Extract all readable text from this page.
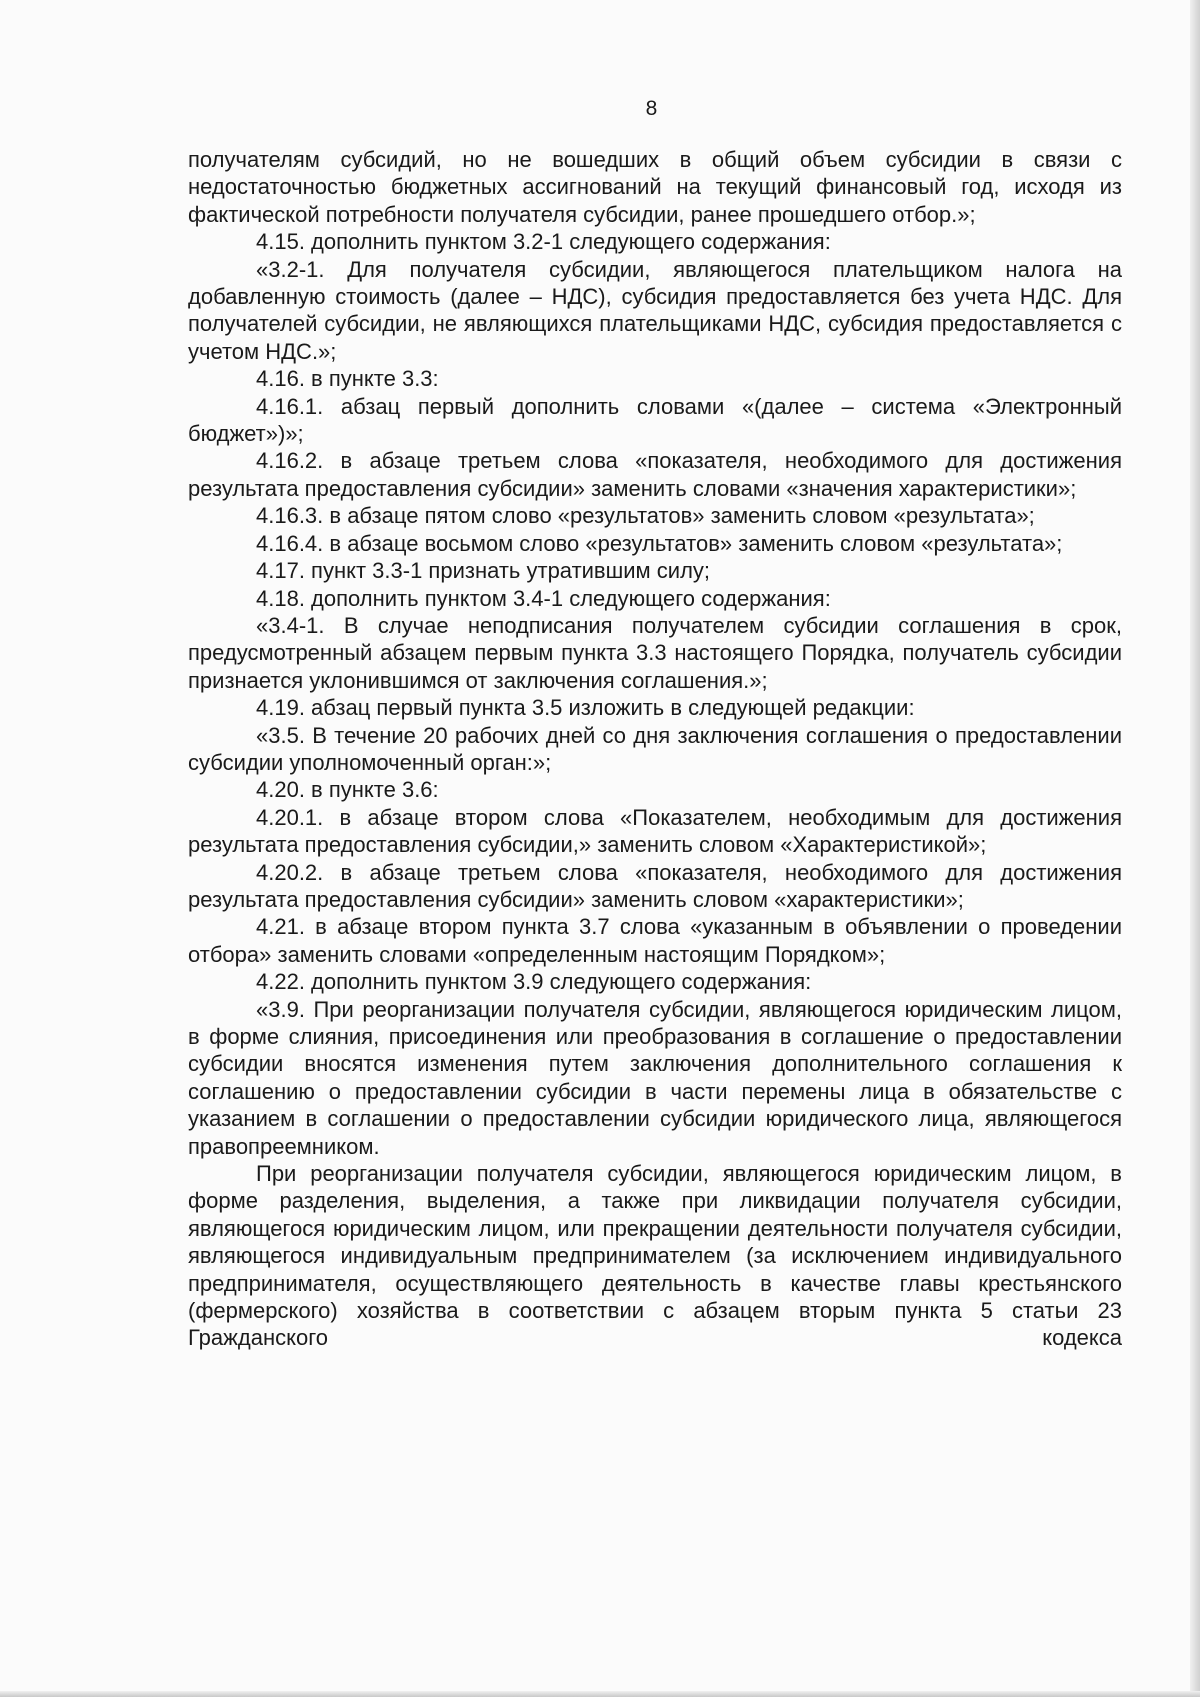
8

получателям субсидий, но не вошедших в общий объем субсидии в связи с недостаточностью бюджетных ассигнований на текущий финансовый год, исходя из фактической потребности получателя субсидии, ранее прошедшего отбор.»;

4.15. дополнить пунктом 3.2-1 следующего содержания:

«3.2-1. Для получателя субсидии, являющегося плательщиком налога на добавленную стоимость (далее – НДС), субсидия предоставляется без учета НДС. Для получателей субсидии, не являющихся плательщиками НДС, субсидия предоставляется с учетом НДС.»;

4.16. в пункте 3.3:

4.16.1. абзац первый дополнить словами «(далее – система «Электронный бюджет»)»;

4.16.2. в абзаце третьем слова «показателя, необходимого для достижения результата предоставления субсидии» заменить словами «значения характеристики»;

4.16.3. в абзаце пятом слово «результатов» заменить словом «результата»;

4.16.4. в абзаце восьмом слово «результатов» заменить словом «результата»;

4.17. пункт 3.3-1 признать утратившим силу;

4.18. дополнить пунктом 3.4-1 следующего содержания:

«3.4-1. В случае неподписания получателем субсидии соглашения в срок, предусмотренный абзацем первым пункта 3.3 настоящего Порядка, получатель субсидии признается уклонившимся от заключения соглашения.»;

4.19. абзац первый пункта 3.5 изложить в следующей редакции:

«3.5. В течение 20 рабочих дней со дня заключения соглашения о предоставлении субсидии уполномоченный орган:»;

4.20. в пункте 3.6:

4.20.1. в абзаце втором слова «Показателем, необходимым для достижения результата предоставления субсидии,» заменить словом «Характеристикой»;

4.20.2. в абзаце третьем слова «показателя, необходимого для достижения результата предоставления субсидии» заменить словом «характеристики»;

4.21. в абзаце втором пункта 3.7 слова «указанным в объявлении о проведении отбора» заменить словами «определенным настоящим Порядком»;

4.22. дополнить пунктом 3.9 следующего содержания:

«3.9. При реорганизации получателя субсидии, являющегося юридическим лицом, в форме слияния, присоединения или преобразования в соглашение о предоставлении субсидии вносятся изменения путем заключения дополнительного соглашения к соглашению о предоставлении субсидии в части перемены лица в обязательстве с указанием в соглашении о предоставлении субсидии юридического лица, являющегося правопреемником.

При реорганизации получателя субсидии, являющегося юридическим лицом, в форме разделения, выделения, а также при ликвидации получателя субсидии, являющегося юридическим лицом, или прекращении деятельности получателя субсидии, являющегося индивидуальным предпринимателем (за исключением индивидуального предпринимателя, осуществляющего деятельность в качестве главы крестьянского (фермерского) хозяйства в соответствии с абзацем вторым пункта 5 статьи 23 Гражданского кодекса
